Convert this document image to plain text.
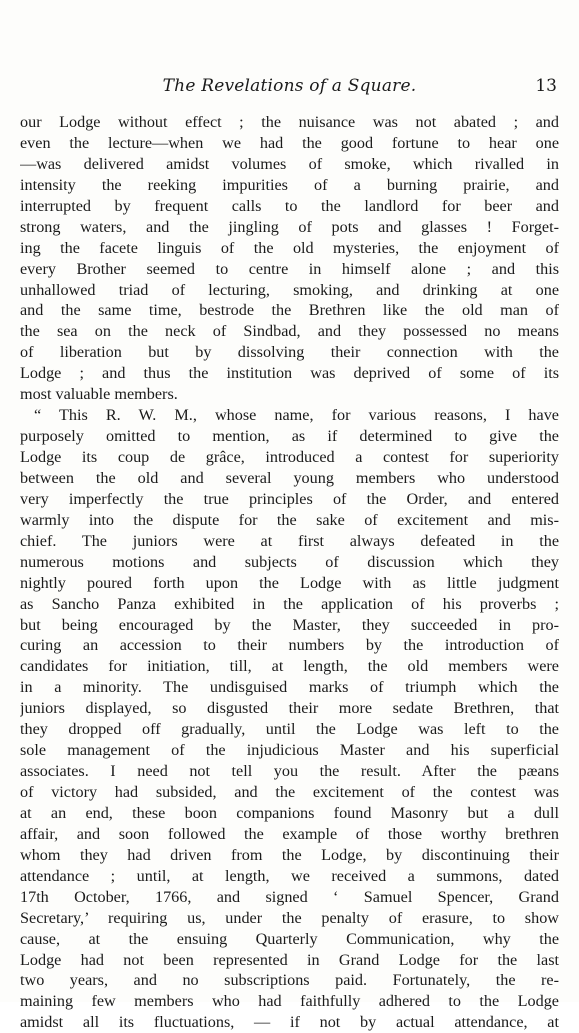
The Revelations of a Square.	13
our Lodge without effect ; the nuisance was not abated ; and
even the lecture—when we had the good fortune to hear one
—was delivered amidst volumes of smoke, which rivalled in
intensity the reeking impurities of a burning prairie, and
interrupted by frequent calls to the landlord for beer and
strong waters, and the jingling of pots and glasses ! Forget-
ing the facete linguis of the old mysteries, the enjoyment of
every Brother seemed to centre in himself alone ; and this
unhallowed triad of lecturing, smoking, and drinking at one
and the same time, bestrode the Brethren like the old man of
the sea on the neck of Sindbad, and they possessed no means
of liberation but by dissolving their connection with the
Lodge ; and thus the institution was deprived of some of its
most valuable members.
“ This R. W. M., whose name, for various reasons, I have
purposely omitted to mention, as if determined to give the
Lodge its coup de grâce, introduced a contest for superiority
between the old and several young members who understood
very imperfectly the true principles of the Order, and entered
warmly into the dispute for the sake of excitement and mis-
chief. The juniors were at first always defeated in the
numerous motions and subjects of discussion which they
nightly poured forth upon the Lodge with as little judgment
as Sancho Panza exhibited in the application of his proverbs ;
but being encouraged by the Master, they succeeded in pro-
curing an accession to their numbers by the introduction of
candidates for initiation, till, at length, the old members were
in a minority. The undisguised marks of triumph which the
juniors displayed, so disgusted their more sedate Brethren, that
they dropped off gradually, until the Lodge was left to the
sole management of the injudicious Master and his superficial
associates. I need not tell you the result. After the pæans
of victory had subsided, and the excitement of the contest was
at an end, these boon companions found Masonry but a dull
affair, and soon followed the example of those worthy brethren
whom they had driven from the Lodge, by discontinuing their
attendance ; until, at length, we received a summons, dated
17th October, 1766, and signed ‘ Samuel Spencer, Grand
Secretary,’ requiring us, under the penalty of erasure, to show
cause, at the ensuing Quarterly Communication, why the
Lodge had not been represented in Grand Lodge for the last
two years, and no subscriptions paid. Fortunately, the re-
maining few members who had faithfully adhered to the Lodge
amidst all its fluctuations, — if not by actual attendance, at
